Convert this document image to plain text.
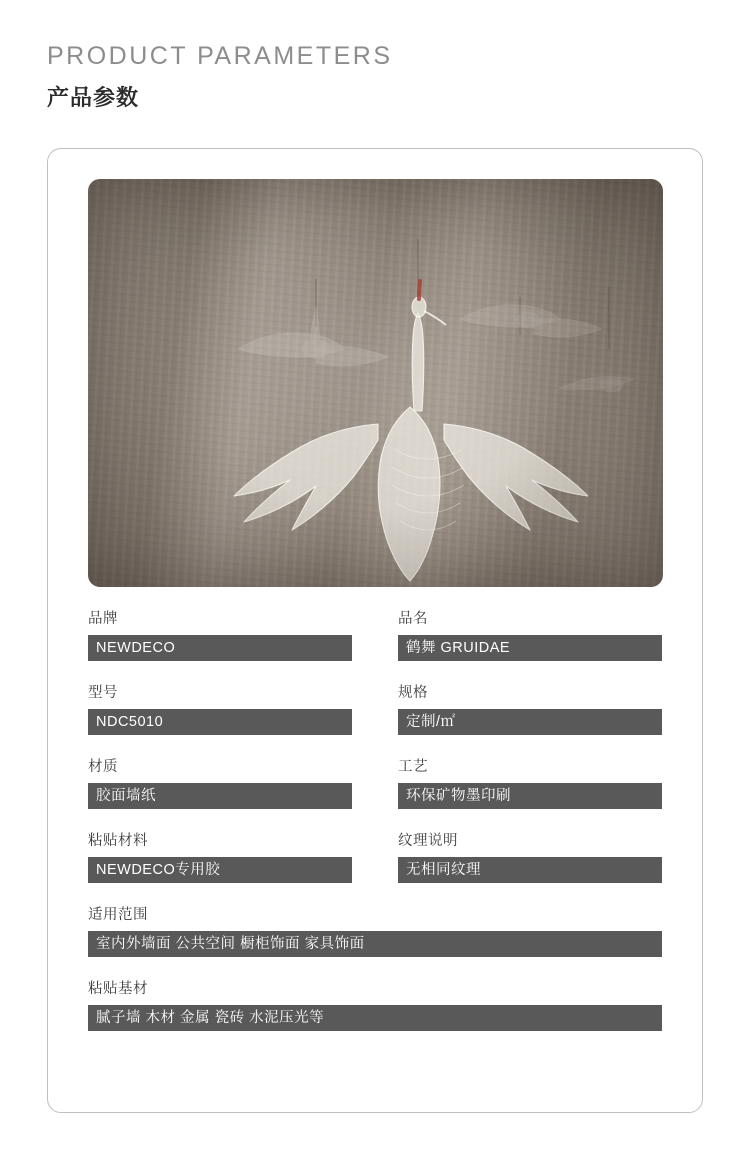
PRODUCT PARAMETERS
产品参数
品牌
NEWDECO
品名
鹤舞 GRUIDAE
型号
NDC5010
规格
定制/㎡
材质
胶面墙纸
工艺
环保矿物墨印刷
粘贴材料
NEWDECO专用胶
纹理说明
无相同纹理
适用范围
室内外墙面 公共空间 橱柜饰面 家具饰面
粘贴基材
腻子墙 木材 金属 瓷砖 水泥压光等
